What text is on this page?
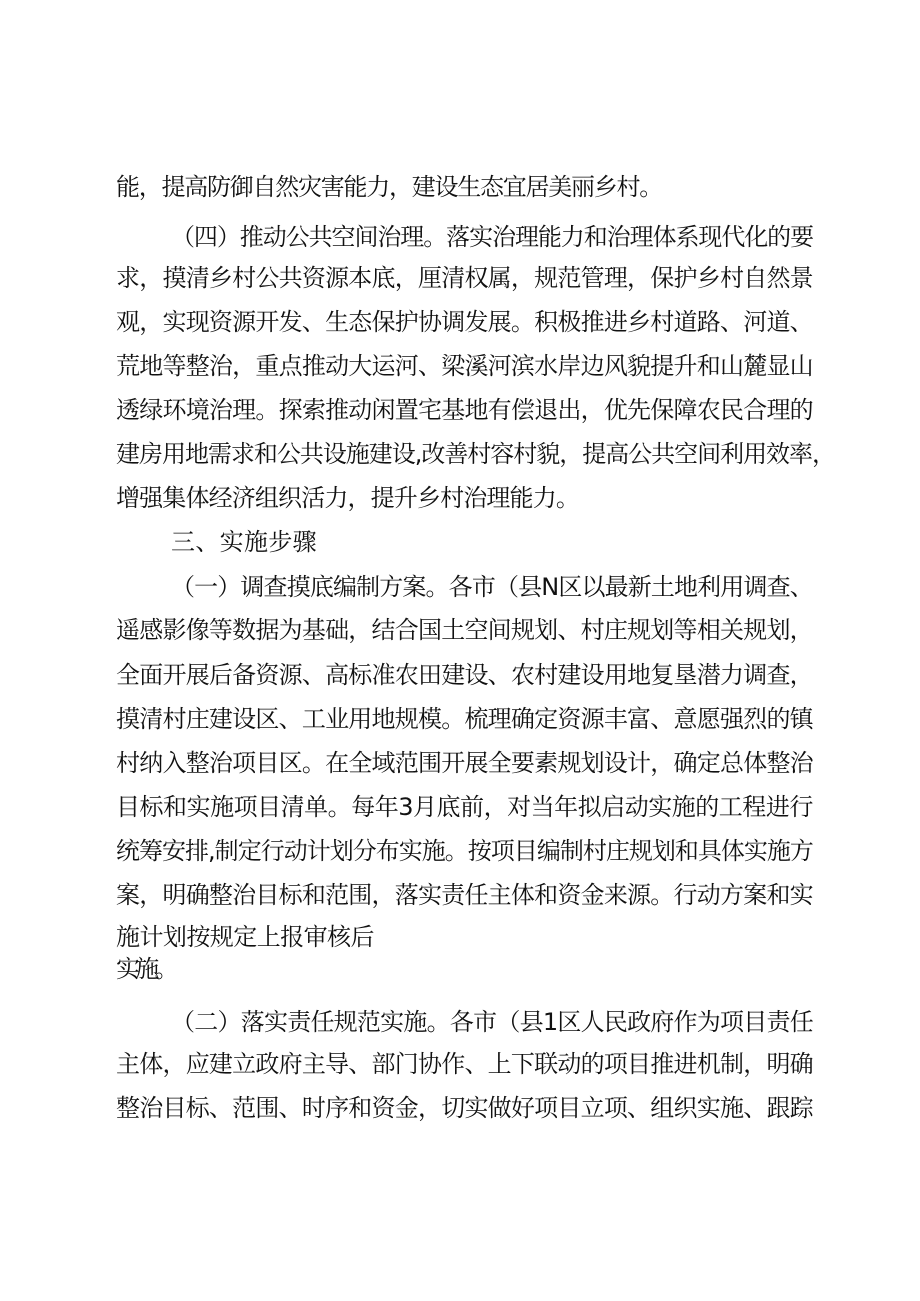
能，提高防御自然灾害能力，建设生态宜居美丽乡村。
（四）推动公共空间治理。落实治理能力和治理体系现代化的要
求，摸清乡村公共资源本底，厘清权属，规范管理，保护乡村自然景
观，实现资源开发、生态保护协调发展。积极推进乡村道路、河道、
荒地等整治，重点推动大运河、梁溪河滨水岸边风貌提升和山麓显山
透绿环境治理。探索推动闲置宅基地有偿退出，优先保障农民合理的
建房用地需求和公共设施建设,改善村容村貌，提高公共空间利用效率，
增强集体经济组织活力，提升乡村治理能力。
三、实施步骤
（一）调查摸底编制方案。各市（县N区以最新土地利用调查、
遥感影像等数据为基础，结合国土空间规划、村庄规划等相关规划，
全面开展后备资源、高标准农田建设、农村建设用地复垦潜力调查，
摸清村庄建设区、工业用地规模。梳理确定资源丰富、意愿强烈的镇
村纳入整治项目区。在全域范围开展全要素规划设计，确定总体整治
目标和实施项目清单。每年3月底前，对当年拟启动实施的工程进行
统筹安排,制定行动计划分布实施。按项目编制村庄规划和具体实施方
案，明确整治目标和范围，落实责任主体和资金来源。行动方案和实
施计划按规定上报审核后
实施。
（二）落实责任规范实施。各市（县1区人民政府作为项目责任
主体，应建立政府主导、部门协作、上下联动的项目推进机制，明确
整治目标、范围、时序和资金，切实做好项目立项、组织实施、跟踪
